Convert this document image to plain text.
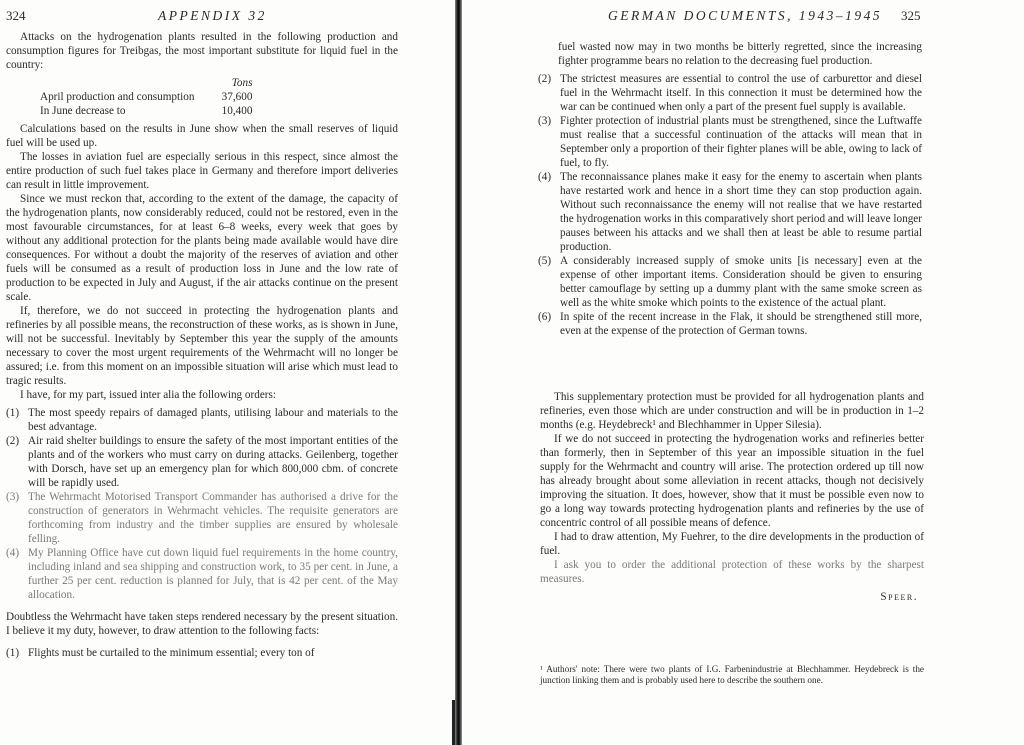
324	APPENDIX 32

Attacks on the hydrogenation plants resulted in the following production and consumption figures for Treibgas, the most important substitute for liquid fuel in the country:

	Tons
April production and consumption	37,600
In June decrease to	10,400

Calculations based on the results in June show when the small reserves of liquid fuel will be used up.

The losses in aviation fuel are especially serious in this respect, since almost the entire production of such fuel takes place in Germany and therefore import deliveries can result in little improvement.

Since we must reckon that, according to the extent of the damage, the capacity of the hydrogenation plants, now considerably reduced, could not be restored, even in the most favourable circumstances, for at least 6–8 weeks, every week that goes by without any additional protection for the plants being made available would have dire consequences. For without a doubt the majority of the reserves of aviation and other fuels will be consumed as a result of production loss in June and the low rate of production to be expected in July and August, if the air attacks continue on the present scale.

If, therefore, we do not succeed in protecting the hydrogenation plants and refineries by all possible means, the reconstruction of these works, as is shown in June, will not be successful. Inevitably by September this year the supply of the amounts necessary to cover the most urgent requirements of the Wehrmacht will no longer be assured; i.e. from this moment on an impossible situation will arise which must lead to tragic results.

I have, for my part, issued inter alia the following orders:

(1) The most speedy repairs of damaged plants, utilising labour and materials to the best advantage.
(2) Air raid shelter buildings to ensure the safety of the most important entities of the plants and of the workers who must carry on during attacks. Geilenberg, together with Dorsch, have set up an emergency plan for which 800,000 cbm. of concrete will be rapidly used.
(3) The Wehrmacht Motorised Transport Commander has authorised a drive for the construction of generators in Wehrmacht vehicles. The requisite generators are forthcoming from industry and the timber supplies are ensured by wholesale felling.
(4) My Planning Office have cut down liquid fuel requirements in the home country, including inland and sea shipping and construction work, to 35 per cent. in June, a further 25 per cent. reduction is planned for July, that is 42 per cent. of the May allocation.

Doubtless the Wehrmacht have taken steps rendered necessary by the present situation. I believe it my duty, however, to draw attention to the following facts:

(1) Flights must be curtailed to the minimum essential; every ton of
GERMAN DOCUMENTS, 1943–1945 325

fuel wasted now may in two months be bitterly regretted, since the increasing fighter programme bears no relation to the decreasing fuel production.

(2) The strictest measures are essential to control the use of carburettor and diesel fuel in the Wehrmacht itself. In this connection it must be determined how the war can be continued when only a part of the present fuel supply is available.
(3) Fighter protection of industrial plants must be strengthened, since the Luftwaffe must realise that a successful continuation of the attacks will mean that in September only a proportion of their fighter planes will be able, owing to lack of fuel, to fly.
(4) The reconnaissance planes make it easy for the enemy to ascertain when plants have restarted work and hence in a short time they can stop production again. Without such reconnaissance the enemy will not realise that we have restarted the hydrogenation works in this comparatively short period and will leave longer pauses between his attacks and we shall then at least be able to resume partial production.
(5) A considerably increased supply of smoke units [is necessary] even at the expense of other important items. Consideration should be given to ensuring better camouflage by setting up a dummy plant with the same smoke screen as well as the white smoke which points to the existence of the actual plant.
(6) In spite of the recent increase in the Flak, it should be strengthened still more, even at the expense of the protection of German towns.

This supplementary protection must be provided for all hydrogenation plants and refineries, even those which are under construction and will be in production in 1–2 months (e.g. Heydebreck¹ and Blechhammer in Upper Silesia).

If we do not succeed in protecting the hydrogenation works and refineries better than formerly, then in September of this year an impossible situation in the fuel supply for the Wehrmacht and country will arise. The protection ordered up till now has already brought about some alleviation in recent attacks, though not decisively improving the situation. It does, however, show that it must be possible even now to go a long way towards protecting hydrogenation plants and refineries by the use of concentric control of all possible means of defence.

I had to draw attention, My Fuehrer, to the dire developments in the production of fuel.

I ask you to order the additional protection of these works by the sharpest measures.

Speer.
¹ Authors' note: There were two plants of I.G. Farbenindustrie at Blechhammer. Heydebreck is the junction linking them and is probably used here to describe the southern one.
